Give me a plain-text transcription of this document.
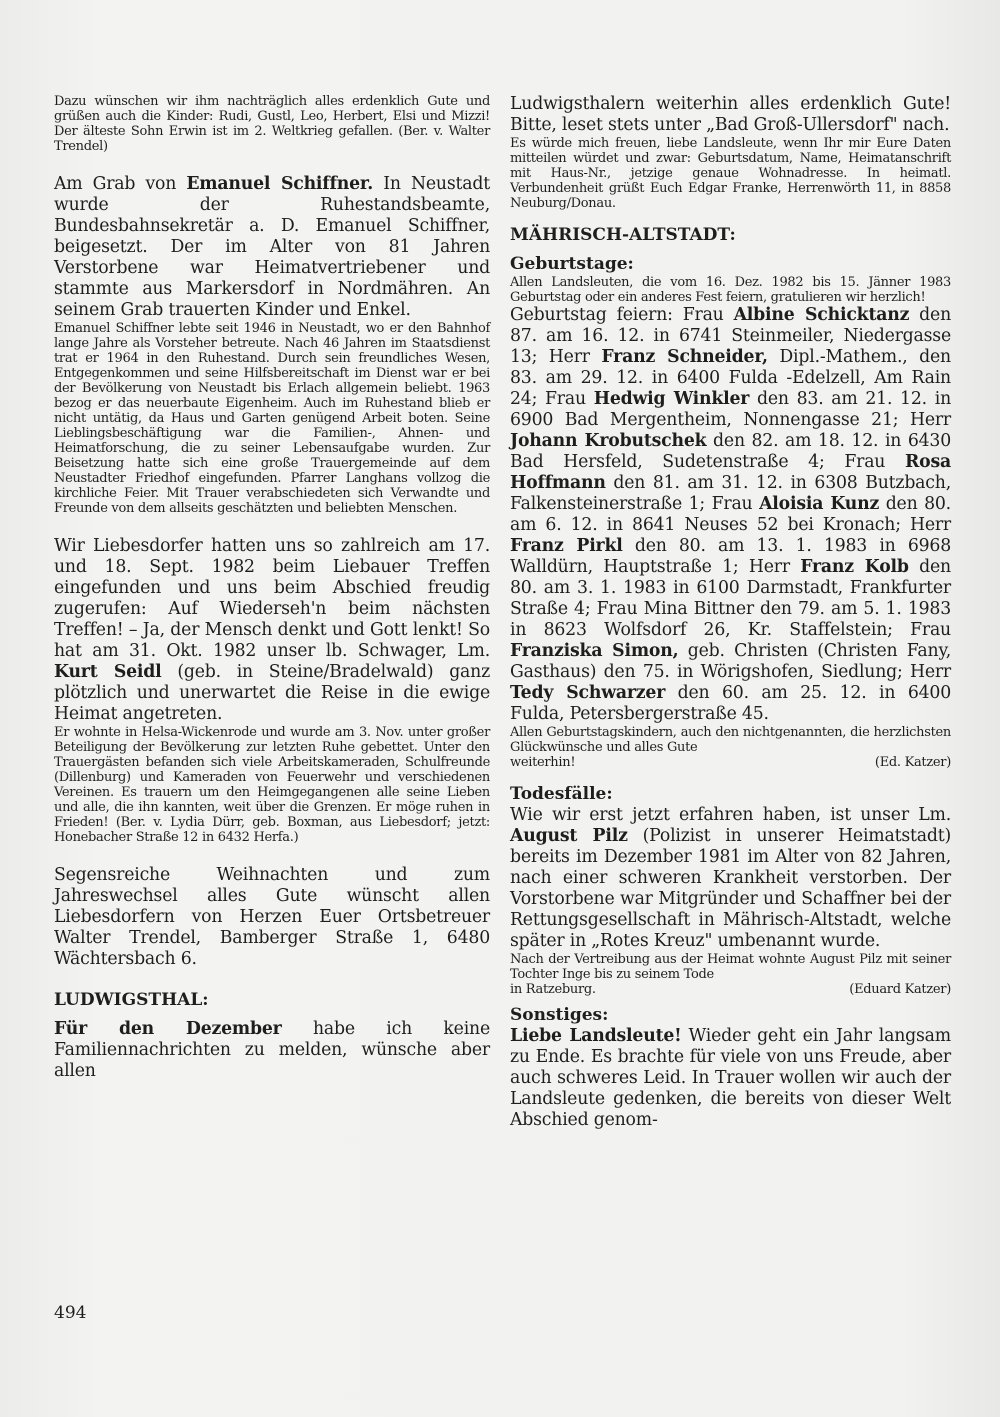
Dazu wünschen wir ihm nachträglich alles erdenklich Gute und grüßen auch die Kinder: Rudi, Gustl, Leo, Herbert, Elsi und Mizzi! Der älteste Sohn Erwin ist im 2. Weltkrieg gefallen. (Ber. v. Walter Trendel)

Am Grab von Emanuel Schiffner. In Neustadt wurde der Ruhestandsbeamte, Bundesbahnsekretär a. D. Emanuel Schiffner, beigesetzt. Der im Alter von 81 Jahren Verstorbene war Heimatvertriebener und stammte aus Markersdorf in Nordmähren. An seinem Grab trauerten Kinder und Enkel.

Emanuel Schiffner lebte seit 1946 in Neustadt, wo er den Bahnhof lange Jahre als Vorsteher betreute. Nach 46 Jahren im Staatsdienst trat er 1964 in den Ruhestand. Durch sein freundliches Wesen, Entgegenkommen und seine Hilfsbereitschaft im Dienst war er bei der Bevölkerung von Neustadt bis Erlach allgemein beliebt. 1963 bezog er das neuerbaute Eigenheim. Auch im Ruhestand blieb er nicht untätig, da Haus und Garten genügend Arbeit boten. Seine Lieblingsbeschäftigung war die Familien-, Ahnen- und Heimatforschung, die zu seiner Lebensaufgabe wurden. Zur Beisetzung hatte sich eine große Trauergemeinde auf dem Neustadter Friedhof eingefunden. Pfarrer Langhans vollzog die kirchliche Feier. Mit Trauer verabschiedeten sich Verwandte und Freunde von dem allseits geschätzten und beliebten Menschen.

Wir Liebesdorfer hatten uns so zahlreich am 17. und 18. Sept. 1982 beim Liebauer Treffen eingefunden und uns beim Abschied freudig zugerufen: Auf Wiederseh'n beim nächsten Treffen! – Ja, der Mensch denkt und Gott lenkt! So hat am 31. Okt. 1982 unser lb. Schwager, Lm. Kurt Seidl (geb. in Steine/Bradelwald) ganz plötzlich und unerwartet die Reise in die ewige Heimat angetreten.

Er wohnte in Helsa-Wickenrode und wurde am 3. Nov. unter großer Beteiligung der Bevölkerung zur letzten Ruhe gebettet. Unter den Trauergästen befanden sich viele Arbeitskameraden, Schulfreunde (Dillenburg) und Kameraden von Feuerwehr und verschiedenen Vereinen. Es trauern um den Heimgegangenen alle seine Lieben und alle, die ihn kannten, weit über die Grenzen. Er möge ruhen in Frieden! (Ber. v. Lydia Dürr, geb. Boxman, aus Liebesdorf; jetzt: Honebacher Straße 12 in 6432 Herfa.)

Segensreiche Weihnachten und zum Jahreswechsel alles Gute wünscht allen Liebesdorfern von Herzen Euer Ortsbetreuer Walter Trendel, Bamberger Straße 1, 6480 Wächtersbach 6.

LUDWIGSTHAL:

Für den Dezember habe ich keine Familiennachrichten zu melden, wünsche aber allen

Ludwigsthalern weiterhin alles erdenklich Gute! Bitte, leset stets unter „Bad Groß-Ullersdorf" nach.

Es würde mich freuen, liebe Landsleute, wenn Ihr mir Eure Daten mitteilen würdet und zwar: Geburtsdatum, Name, Heimatanschrift mit Haus-Nr., jetzige genaue Wohnadresse. In heimatl. Verbundenheit grüßt Euch Edgar Franke, Herrenwörth 11, in 8858 Neuburg/Donau.

MÄHRISCH-ALTSTADT:
Geburtstage:

Allen Landsleuten, die vom 16. Dez. 1982 bis 15. Jänner 1983 Geburtstag oder ein anderes Fest feiern, gratulieren wir herzlich!

Geburtstag feiern: Frau Albine Schicktanz den 87. am 16. 12. in 6741 Steinmeiler, Niedergasse 13; Herr Franz Schneider, Dipl.-Mathem., den 83. am 29. 12. in 6400 Fulda -Edelzell, Am Rain 24; Frau Hedwig Winkler den 83. am 21. 12. in 6900 Bad Mergentheim, Nonnengasse 21; Herr Johann Krobutschek den 82. am 18. 12. in 6430 Bad Hersfeld, Sudetenstraße 4; Frau Rosa Hoffmann den 81. am 31. 12. in 6308 Butzbach, Falkensteinerstraße 1; Frau Aloisia Kunz den 80. am 6. 12. in 8641 Neuses 52 bei Kronach; Herr Franz Pirkl den 80. am 13. 1. 1983 in 6968 Walldürn, Hauptstraße 1; Herr Franz Kolb den 80. am 3. 1. 1983 in 6100 Darmstadt, Frankfurter Straße 4; Frau Mina Bittner den 79. am 5. 1. 1983 in 8623 Wolfsdorf 26, Kr. Staffelstein; Frau Franziska Simon, geb. Christen (Christen Fany, Gasthaus) den 75. in Wörigshofen, Siedlung; Herr Tedy Schwarzer den 60. am 25. 12. in 6400 Fulda, Petersbergerstraße 45.

Allen Geburtstagskindern, auch den nichtgenannten, die herzlichsten Glückwünsche und alles Gute

weiterhin!	(Ed. Katzer)
Todesfälle:

Wie wir erst jetzt erfahren haben, ist unser Lm. August Pilz (Polizist in unserer Heimatstadt) bereits im Dezember 1981 im Alter von 82 Jahren, nach einer schweren Krankheit verstorben. Der Vorstorbene war Mitgründer und Schaffner bei der Rettungsgesellschaft in Mährisch-Altstadt, welche später in „Rotes Kreuz" umbenannt wurde.

Nach der Vertreibung aus der Heimat wohnte August Pilz mit seiner Tochter Inge bis zu seinem Tode

in Ratzeburg.	(Eduard Katzer)
Sonstiges:

Liebe Landsleute! Wieder geht ein Jahr langsam zu Ende. Es brachte für viele von uns Freude, aber auch schweres Leid. In Trauer wollen wir auch der Landsleute gedenken, die bereits von dieser Welt Abschied genom-

494
